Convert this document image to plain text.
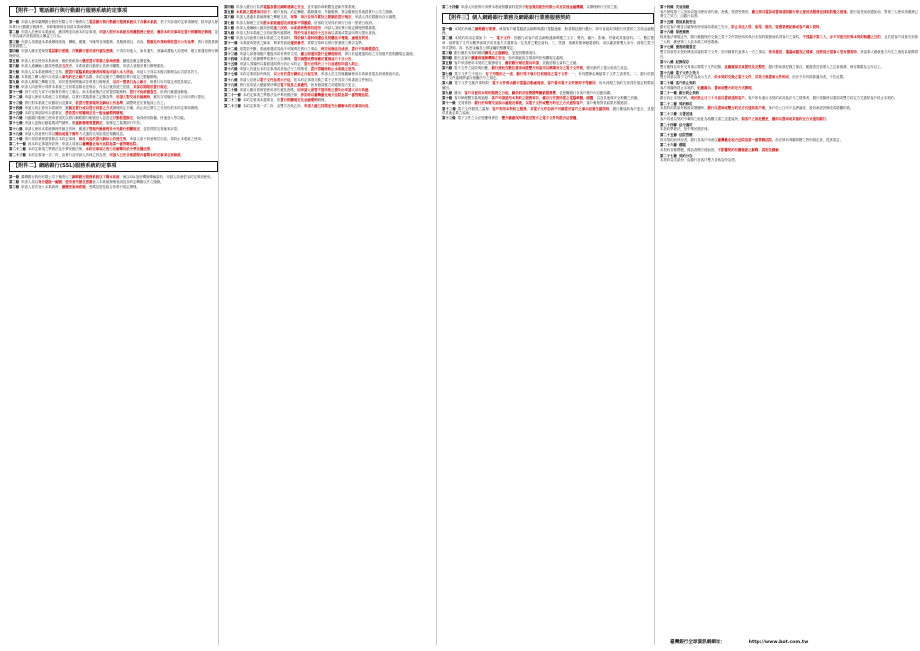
【附件一】電話銀行與行動銀行服務系統約定事項
第一條 申請人使用臺灣銀行股份有限公司下稱貴行之電話銀行與行動銀行服務系統以下合稱本系統，依下列各項約定事項辦理，除申請人使用貴行行動銀行服務外，其餘服務項目均經本系統辦理。
第二條 申請人於使用本系統前，應詳閱並同意本約定事項，申請人對於本系統及相關服務之使用，應依本約定事項及貴行相關規定辦理，並不得為違法或損害他人權益之行為。
第三條 申請人得透過本系統辦理查詢、轉帳、繳費、外匯等各項服務，其服務項目、內容、限額及作業時間依貴行公告為準，貴行得視業務需要調整之。
第四條 申請人應妥善保管電話銀行密碼、行動銀行使用者代號及密碼，不得告知他人；如有遺失、被竊或遭他人知悉時，應立即通知貴行辦理停用。
第五條 申請人首次使用本系統時，應依系統指示變更貴行寄發之原始密碼，嗣後並應定期更換。
第六條 申請人連續輸入錯誤密碼達五次者，本系統即自動停止其使用權限，申請人須親至貴行辦理重設。
第七條 申請人以本系統辦理之交易，經貴行電腦系統記錄者即視為申請人本人所為，申請人不得以未親自辦理為由否認其效力。
第八條 本系統之轉入帳戶以申請人事先約定之帳戶為限；非約定帳戶之轉帳依貴行規定之限額辦理。
第九條 申請人辦理之轉帳交易，如於營業時間後或非營業日辦理者，以次一營業日為入帳日，惟貴行另有規定者從其規定。
第十條 申請人同意貴行得將本系統之交易電話錄音並保存，作為日後查證之依據，其保存期限依貴行規定。
第十一條 因不可抗力或不可歸責於貴行之事由，致本系統無法正常提供服務時，貴行不負賠償責任，但貴行應盡速修復。
第十二條 申請人使用本系統之交易明細，以貴行電腦系統之記錄為準，申請人對交易有疑義時，應於交易後四十五日內向貴行提出。
第十三條 貴行對本系統之收費項目及費率，依貴行營業場所及網站公告為準，調整時並於實施前公告之。
第十四條 申請人終止使用本系統時，應親至貴行或以貴行同意之方式辦理終止手續，終止前已發生之交易仍依本約定事項辦理。
第十五條 本約定事項如有未盡事宜，悉依貴行相關規定及一般金融慣例辦理。
第十六條 行動銀行服務之使用者須先以貴行網路銀行帳號登入並設定行動裝置綁定，始得使用推播、快速登入等功能。
第十七條 申請人更換行動裝置或門號時，應重新辦理裝置綁定，原綁定之裝置即行失效。
第十八條 申請人使用本系統辦理外匯交易時，應遵守管理外匯條例及中央銀行相關規定，並依實際交易匯率計算。
第十九條 申請人同意貴行得以簡訊或電子郵件方式通知交易結果及相關訊息。
第二十條 貴行得因業務需要修訂本約定事項，修訂內容於貴行網站公告後生效，申請人如不同意修訂內容，得終止本系統之使用。
第二十一條 因本約定事項涉訟時，申請人同意以臺灣臺北地方法院為第一審管轄法院。
第二十二條 本約定事項之準據法為中華民國法律，本約定事項之效力及解釋均依中華民國法律。
第二十三條 本約定事項一式二份，由貴行及申請人各執乙份為憑，申請人已於合理期間內審閱本約定事項全部條款。
【附件二】網路銀行(SSL)服務系統約定事項
第一條 臺灣銀行股份有限公司下稱貴行之網路銀行服務系統以下稱本系統，係以SSL加密機制傳輸資料，申請人同意依本約定事項使用。
第二條 申請人得以身分證統一編號、使用者代號及密碼登入本系統辦理查詢及非約定轉帳以外之服務。
第三條 申請人首次登入本系統時，應變更原始密碼，密碼長度及組合依貴行規定辦理。
第四條 申請人應自行負責電腦設備及網路連線之安全，並安裝防毒軟體及更新作業系統。
第五條 本系統之服務項目如下：帳戶查詢、約定轉帳、繳納費用、外匯服務、基金服務及其他經貴行公告之服務。
第六條 申請人透過本系統辦理之轉帳交易，每筆、每日及每月累計之限額依貴行規定，申請人得於限額內自行調整。
第七條 申請人辦理之交易經本系統確認完成後即不得撤銷，但預約交易得於執行日前一營業日取消。
第八條 申請人連續輸入錯誤密碼達三次時，本系統即暫停其使用，申請人須依貴行規定辦理密碼重置。
第九條 申請人對本系統之交易紀錄有疑義時，得於交易日起四十五日內以書面或電話向貴行提出查詢。
第十條 申請人同意貴行就本系統之交易資料，得依個人資料保護法及相關法令蒐集、處理及利用。
第十一條 本系統所提供之匯率、利率等資訊僅供參考，實際交易時以貴行營業時之牌告為準。
第十二條 因電信中斷、系統維護或其他不可歸責於貴行之事由，致交易無法完成者，貴行不負賠償責任。
第十三條 申請人如發現帳戶遭盜用或有異常交易，應立即通知貴行並辦理停用，貴行於接獲通知前之交易損失依相關規定處理。
第十四條 本系統之收費標準依貴行公告辦理，貴行調整收費時應於實施前六十日公告。
第十五條 申請人得隨時以書面通知貴行終止本約定，貴行亦得於三十日前通知申請人終止。
第十六條 申請人有違反本約定事項或其他法令之情事者，貴行得隨時終止本系統之使用。
第十七條 本約定事項如有修改，以公告於貴行網站之日起生效，申請人於生效後繼續使用本系統者視為同意修改內容。
第十八條 申請人同意以電子文件為表示方法，依本約定事項交換之電子文件其效力與書面文件相同。
第十九條 貴行及申請人應確保所傳送電子訊息之真確性，如有錯誤應立即通知他方更正。
第二十條 申請人應妥善保管使用者代號及密碼，因申請人保管不當所致之損失由申請人自行負擔。
第二十一條 本約定事項之準據法為中華民國法律，涉訟時以臺灣臺北地方法院為第一審管轄法院。
第二十二條 本約定事項未盡事宜，依貴行相關規定及金融慣例辦理。
第二十三條 本約定事項一式二份，由雙方各執乙份，申請人確已詳閱並充分瞭解本約定事項內容。
第二十四條 申請人同意貴行得將本系統相關資料提供予財金資訊股份有限公司及其他金融機構，以辦理跨行交易之需。
【附件三】個人網路銀行業務及網路銀行業務服務契約
第一條 本契約所稱之網路銀行業務，係指客戶端電腦經由網路與銀行電腦連線，無須親赴銀行櫃台，即可直接取得銀行所提供之各項金融服務。
第二條 本契約用詞定義如下：一、電子文件：指銀行或客戶經由網路連線傳遞之文字、聲音、圖片、影像、符號或其他資料。二、數位簽章：指將電子文件以數學演算法或其他方式運算為一定長度之數位資料。三、憑證：指載有簽章驗證資料，用以確認簽署人身分、資格之電子形式證明。四、私密金鑰及公開金鑰依相關規定。
第三條 銀行應於本契約載明網頁之正確網址，並提供服務項目。
第四條 銀行及客戶應確保連線機制之安全，如有瑕疵致生損害時依相關規定處理。
第五條 客戶申請使用本契約之服務項目，應依銀行規定提出申請，並確認個人資料之正確。
第六條 電子文件之接收與回應，銀行接收含數位簽章或經雙方同意用以辨識身分之電子文件後，應於網頁上提示收到之訊息。
第七條 電子文件之不執行：有下列情形之一者，銀行得不執行任何接收之電子文件：一、有具體理由懷疑電子文件之真實性。二、銀行依據電子文件處理將違反相關法令之規定。
第八條 電子文件交換作業時限：電子文件係由銀行電腦自動處理者，客戶發出電子文件後即不得撤回，但未到期之預約交易得於規定時限前撤回。
第九條 費用：客戶自使用本契約服務之日起，願依約定收費標準繳納服務費，並授權銀行自客戶帳戶內自動扣繳。
第十條 客戶軟硬體安裝與風險：客戶申請使用本契約之服務項目，應自行安裝所需之電腦軟體、硬體，以及其他與安全相關之設備。
第十一條 交易核對：銀行於每筆交易指示處理完畢後，以電子文件或雙方約定之方式通知客戶，客戶應核對其結果有無錯誤。
第十二條 電子文件錯誤之處理：客戶利用本契約之服務，其電子文件如因不可歸責於客戶之事由而發生錯誤時，銀行應協助客戶更正，並提供其他必要之協助。
第十三條 電子文件之合法授權與責任：雙方應確保所傳送至對方之電子文件均經合法授權。
第十四條 交易風險
客戶發現第三人冒用或盜用使用者代號、密碼、憑證等情形，應立即以電話或書面通知銀行停止使用該服務並採取防範之措施。銀行接受前項通知前，對第三人使用該服務已發生之效力，由銀行負責。
第十五條 資訊系統安全
銀行及客戶應各自確保所使用資訊系統之安全，防止非法入侵、取得、竄改、毀損業務紀錄或客戶個人資料。
第十六條 保密義務
除其他法律規定外，銀行應確保所交換之電子文件因使用或執行本契約服務而取得客戶之資料，不洩漏予第三人，亦不可使用於與本契約無關之目的，且於經客戶同意告知第三人時，應使第三人負本條之保密義務。
第十七條 損害賠償責任
雙方同意依本契約傳送或接收電子文件，因可歸責於當事人一方之事由，致有遲延、遺漏或錯誤之情事，而致他方當事人受有損害時，該當事人應就他方所生之損害負賠償責任。
第十八條 紀錄保存
雙方應保存所有交易指示類電子文件紀錄，並應確保其真實性及完整性。銀行對前項紀錄之保存，應盡善良管理人之注意義務，保存期限為五年以上。
第十九條 電子文件之效力
雙方同意以電子文件作為表示方法，依本契約交換之電子文件，其效力與書面文件相同，但法令另有排除適用者，不在此限。
第二十條 客戶終止契約
客戶得隨時終止本契約，但應親自、書面或雙方約定方式辦理。
第二十一條 銀行終止契約
銀行終止本契約時，須於終止日三十日前以書面通知客戶。客戶如有違反本契約或其他法令之情事者，銀行得隨時以書面或雙方約定方式通知客戶終止本契約。
第二十二條 契約修訂
本契約約款如有修改或增刪時，銀行以書面或雙方約定方式通知客戶後，客戶於七日內不為異議者，視同承認該修改或增刪約款。
第二十三條 文書送達
客戶同意以契約中載明之地址為相關文書之送達處所，倘客戶之地址變更，應即以書面或其他約定方式通知銀行。
第二十四條 法令適用
本契約準據法，依中華民國法律。
第二十五條 法院管轄
因本契約而涉訟者，銀行及客戶同意以臺灣臺北地方法院為第一審管轄法院。但法律有專屬管轄之特別規定者，從其規定。
第二十六條 標題
本契約各條標題，僅為查閱方便而設，不影響契約有關條款之解釋、說明及瞭解。
第二十七條 契約分存
本契約壹式貳份，由銀行及客戶雙方各執壹份為憑。
臺灣銀行全球資訊網網址：	http://www.bot.com.tw
